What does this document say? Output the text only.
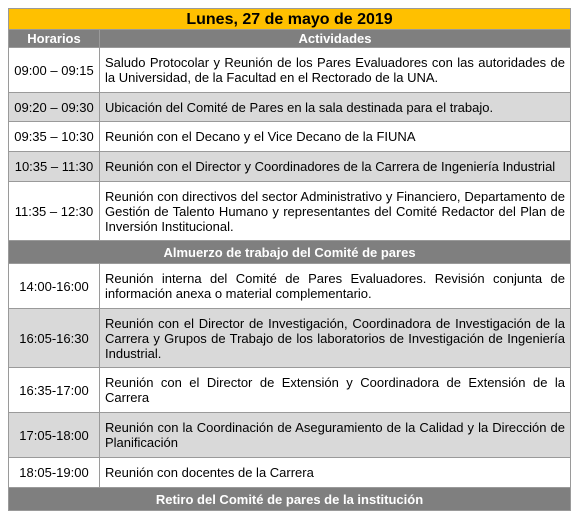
Lunes, 27 de mayo de 2019	
Horarios	Actividades
09:00 – 09:15	Saludo Protocolar y Reunión de los Pares Evaluadores con las autoridades de la Universidad, de la Facultad en el Rectorado de la UNA.
09:20 – 09:30	Ubicación del Comité de Pares en la sala destinada para el trabajo.
09:35 – 10:30	Reunión con el Decano y el Vice Decano de la FIUNA
10:35 – 11:30	Reunión con el Director y Coordinadores de la Carrera de Ingeniería Industrial
11:35 – 12:30	Reunión con directivos del sector Administrativo y Financiero, Departamento de Gestión de Talento Humano y representantes del Comité Redactor del Plan de Inversión Institucional.
Almuerzo de trabajo del Comité de pares	
14:00-16:00	Reunión interna del Comité de Pares Evaluadores. Revisión conjunta de información anexa o material complementario.
16:05-16:30	Reunión con el Director de Investigación, Coordinadora de Investigación de la Carrera y Grupos de Trabajo de los laboratorios de Investigación de Ingeniería Industrial.
16:35-17:00	Reunión con el Director de Extensión y Coordinadora de Extensión de la Carrera
17:05-18:00	Reunión con la Coordinación de Aseguramiento de la Calidad y la Dirección de Planificación
18:05-19:00	Reunión con docentes de la Carrera
Retiro del Comité de pares de la institución	
